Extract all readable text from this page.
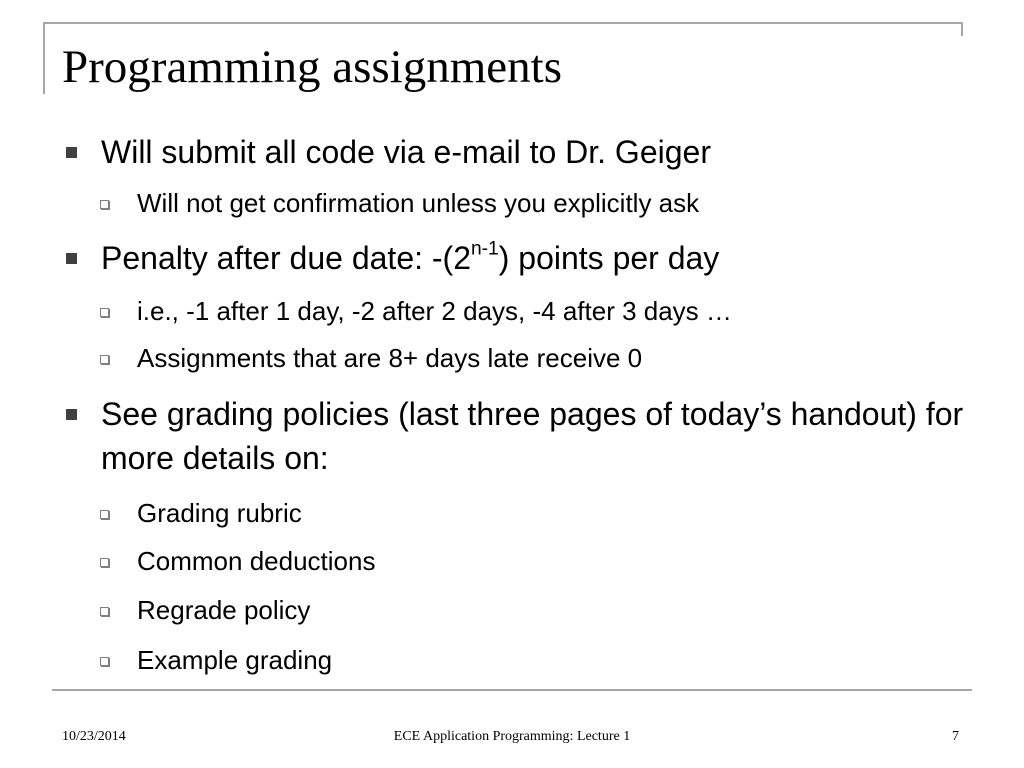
Programming assignments
Will submit all code via e-mail to Dr. Geiger
Will not get confirmation unless you explicitly ask
Penalty after due date: -(2$^{n-1}$) points per day
i.e., -1 after 1 day, -2 after 2 days, -4 after 3 days …
Assignments that are 8+ days late receive 0
See grading policies (last three pages of today’s handout) for more details on:
Grading rubric
Common deductions
Regrade policy
Example grading
10/23/2014	ECE Application Programming: Lecture 1	7
